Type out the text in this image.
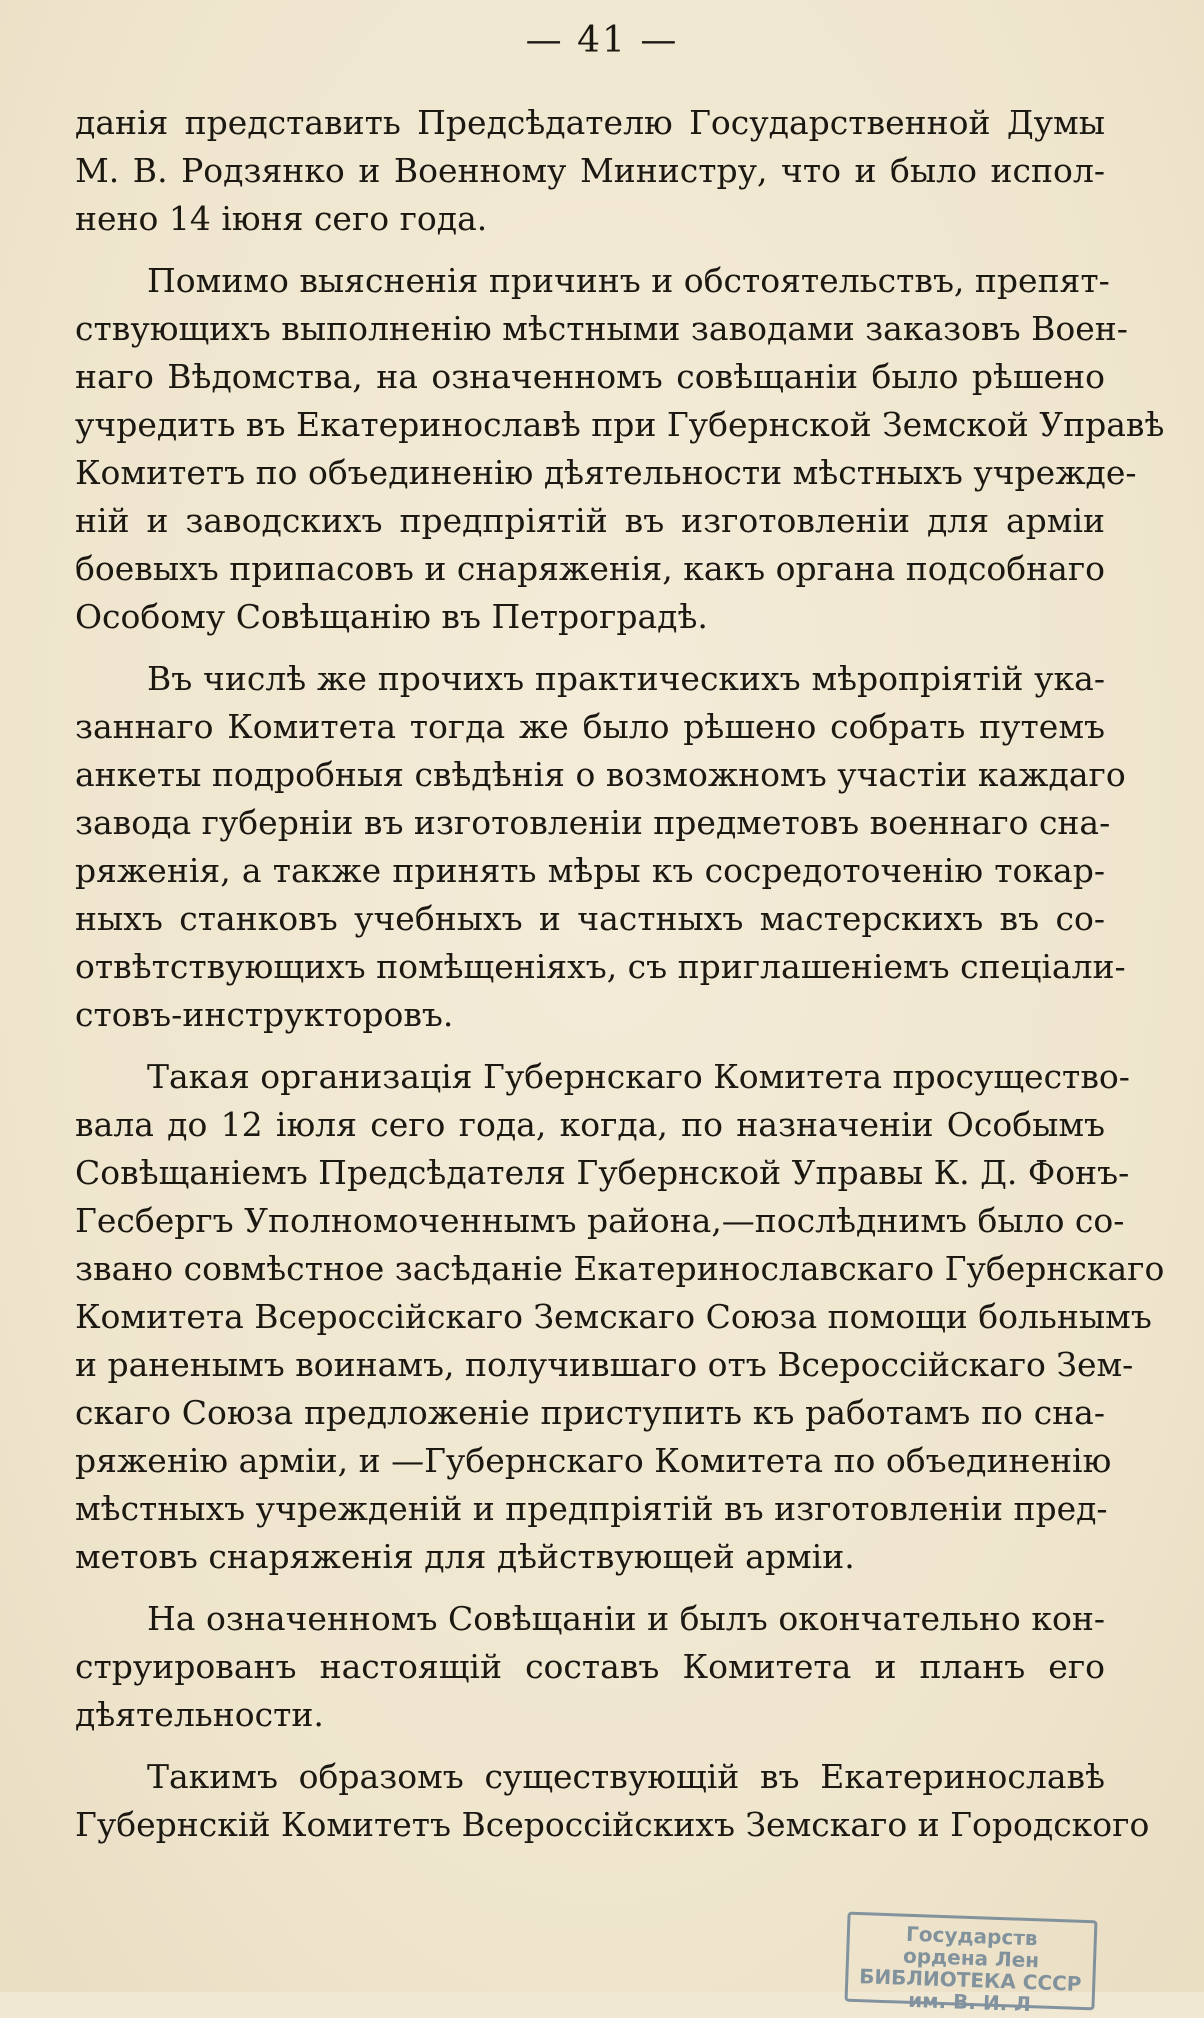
— 41 —
данія представить Предсѣдателю Государственной Думы
М. В. Родзянко и Военному Министру, что и было испол-
нено 14 іюня сего года.
Помимо выясненія причинъ и обстоятельствъ, препят-
ствующихъ выполненію мѣстными заводами заказовъ Воен-
наго Вѣдомства, на означенномъ совѣщаніи было рѣшено
учредить въ Екатеринославѣ при Губернской Земской Управѣ
Комитетъ по объединенію дѣятельности мѣстныхъ учрежде-
ній и заводскихъ предпріятій въ изготовленіи для арміи
боевыхъ припасовъ и снаряженія, какъ органа подсобнаго
Особому Совѣщанію въ Петроградѣ.
Въ числѣ же прочихъ практическихъ мѣропріятій ука-
заннаго Комитета тогда же было рѣшено собрать путемъ
анкеты подробныя свѣдѣнія о возможномъ участіи каждаго
завода губерніи въ изготовленіи предметовъ военнаго сна-
ряженія, а также принять мѣры къ сосредоточенію токар-
ныхъ станковъ учебныхъ и частныхъ мастерскихъ въ со-
отвѣтствующихъ помѣщеніяхъ, съ приглашеніемъ спеціали-
стовъ-инструкторовъ.
Такая организація Губернскаго Комитета просущество-
вала до 12 іюля сего года, когда, по назначеніи Особымъ
Совѣщаніемъ Предсѣдателя Губернской Управы К. Д. Фонъ-
Гесбергъ Уполномоченнымъ района,—послѣднимъ было со-
звано совмѣстное засѣданіе Екатеринославскаго Губернскаго
Комитета Всероссійскаго Земскаго Союза помощи больнымъ
и раненымъ воинамъ, получившаго отъ Всероссійскаго Зем-
скаго Союза предложеніе приступить къ работамъ по сна-
ряженію арміи, и —Губернскаго Комитета по объединенію
мѣстныхъ учрежденій и предпріятій въ изготовленіи пред-
метовъ снаряженія для дѣйствующей арміи.
На означенномъ Совѣщаніи и былъ окончательно кон-
струированъ настоящій составъ Комитета и планъ его
дѣятельности.
Такимъ образомъ существующій въ Екатеринославѣ
Губернскій Комитетъ Всероссійскихъ Земскаго и Городского
Государств
ордена Лен
БИБЛИОТЕКА СССР
им. В. И. Л
